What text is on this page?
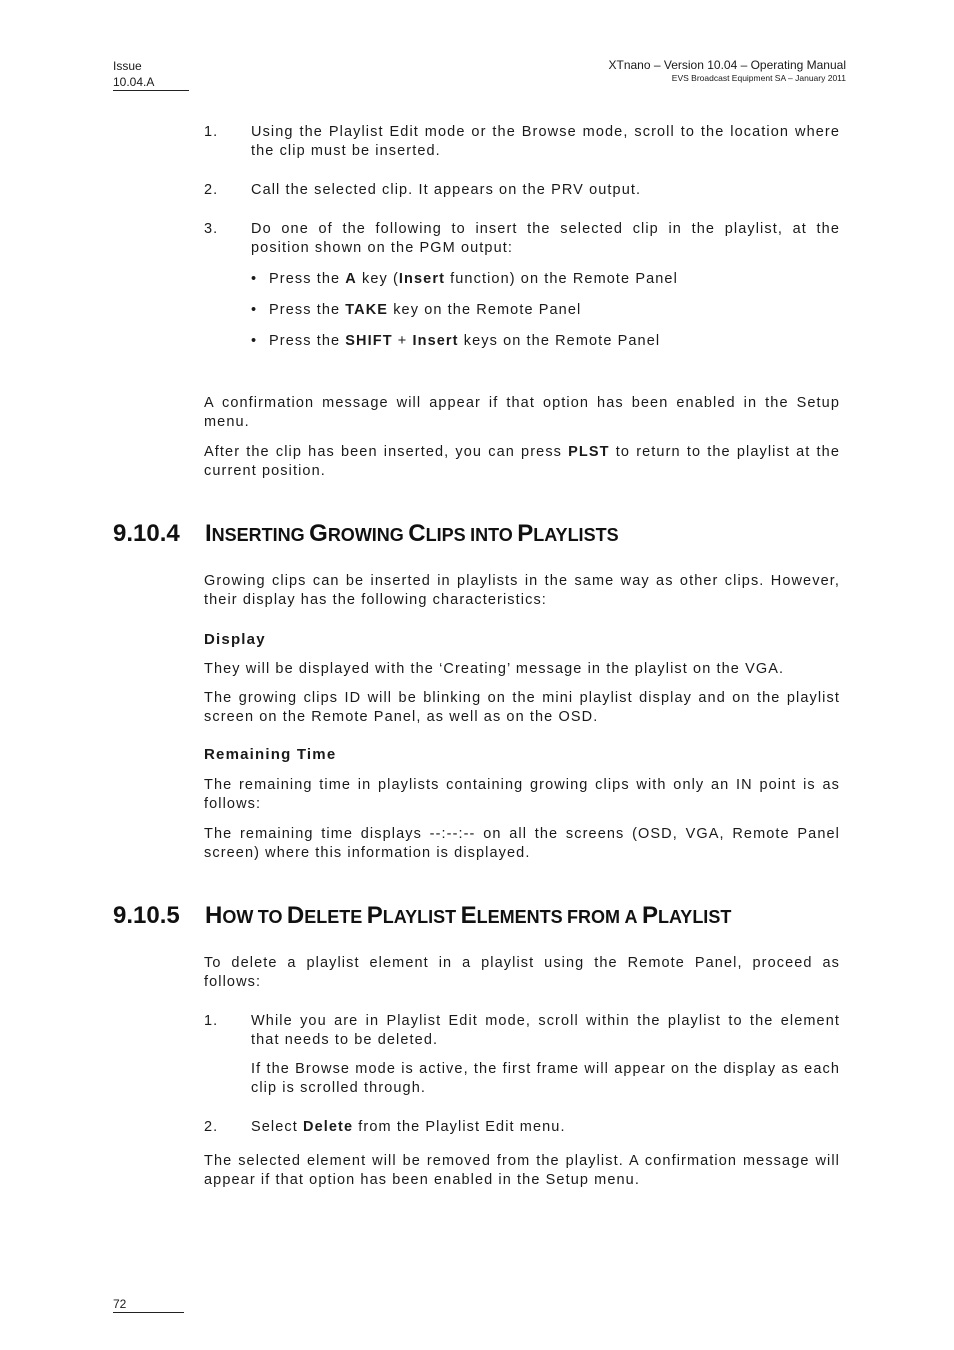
Issue
10.04.A
XTnano – Version 10.04 – Operating Manual
EVS Broadcast Equipment SA – January 2011
1. Using the Playlist Edit mode or the Browse mode, scroll to the location where the clip must be inserted.
2. Call the selected clip. It appears on the PRV output.
3. Do one of the following to insert the selected clip in the playlist, at the position shown on the PGM output:
• Press the A key (Insert function) on the Remote Panel
• Press the TAKE key on the Remote Panel
• Press the SHIFT + Insert keys on the Remote Panel
A confirmation message will appear if that option has been enabled in the Setup menu.
After the clip has been inserted, you can press PLST to return to the playlist at the current position.
9.10.4 INSERTING GROWING CLIPS INTO PLAYLISTS
Growing clips can be inserted in playlists in the same way as other clips. However, their display has the following characteristics:
Display
They will be displayed with the ‘Creating’ message in the playlist on the VGA.
The growing clips ID will be blinking on the mini playlist display and on the playlist screen on the Remote Panel, as well as on the OSD.
Remaining Time
The remaining time in playlists containing growing clips with only an IN point is as follows:
The remaining time displays --:--:-- on all the screens (OSD, VGA, Remote Panel screen) where this information is displayed.
9.10.5 HOW TO DELETE PLAYLIST ELEMENTS FROM A PLAYLIST
To delete a playlist element in a playlist using the Remote Panel, proceed as follows:
1. While you are in Playlist Edit mode, scroll within the playlist to the element that needs to be deleted.
If the Browse mode is active, the first frame will appear on the display as each clip is scrolled through.
2. Select Delete from the Playlist Edit menu.
The selected element will be removed from the playlist. A confirmation message will appear if that option has been enabled in the Setup menu.
72
